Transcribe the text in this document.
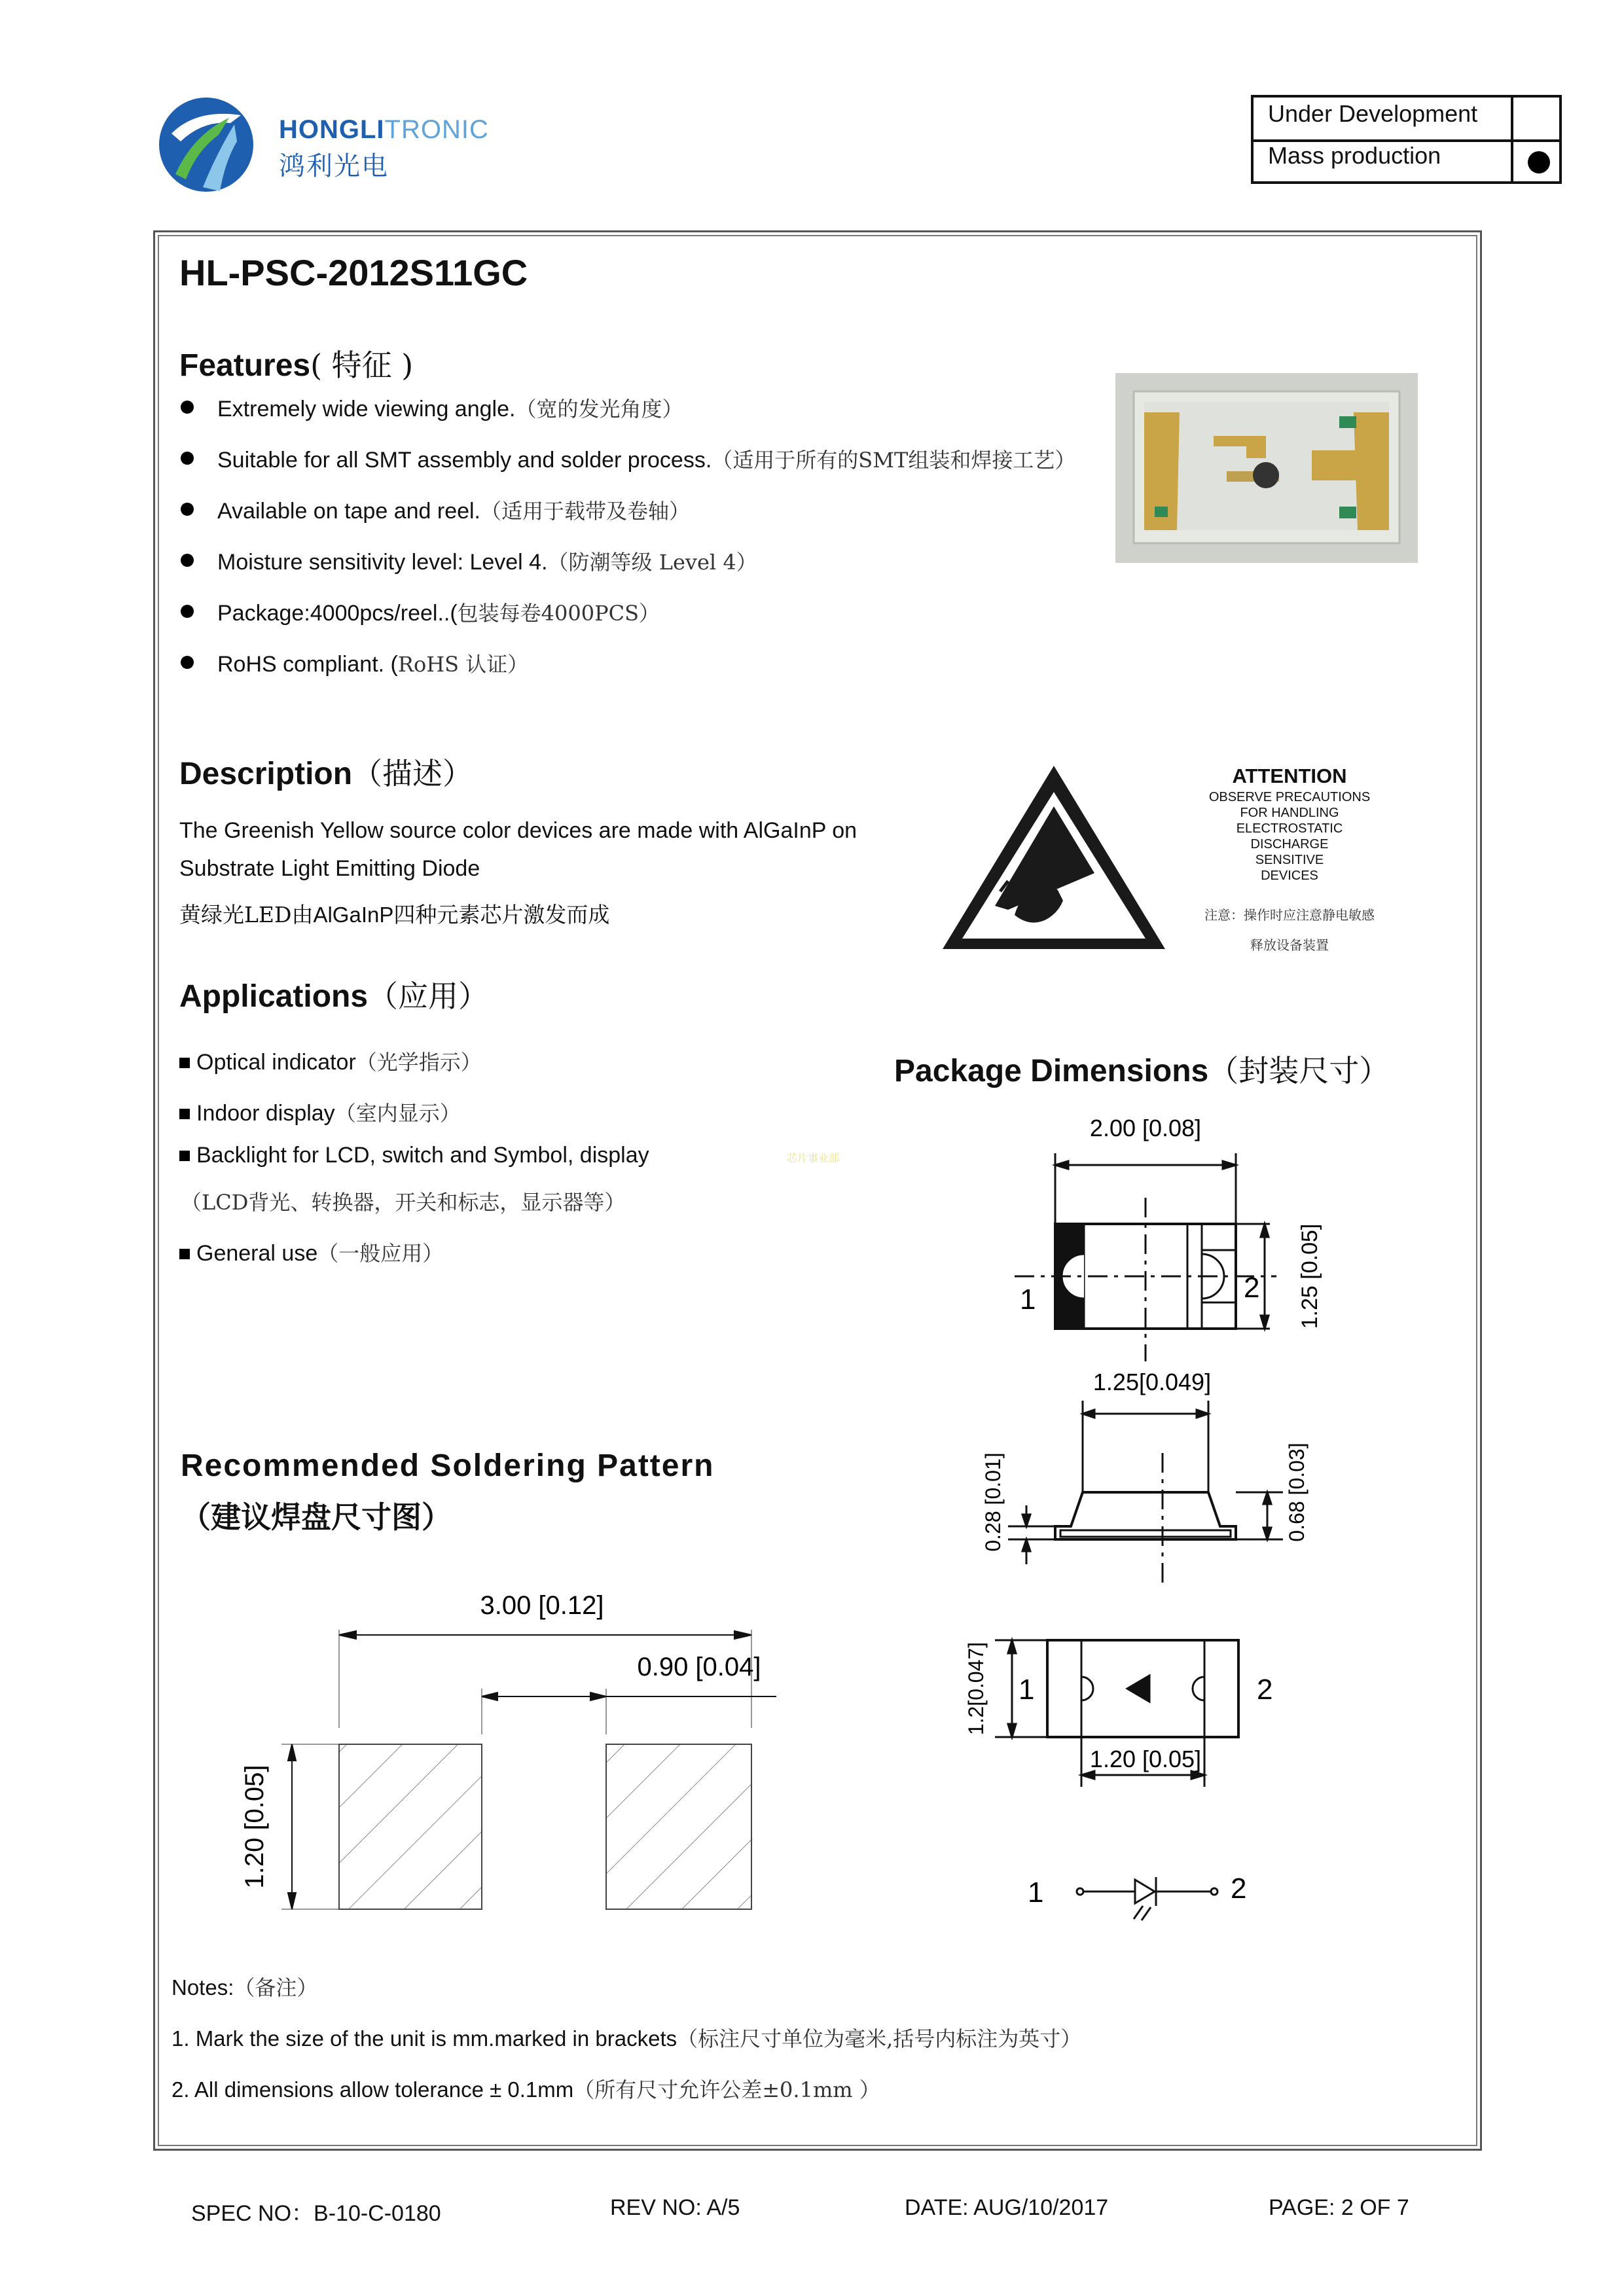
HONGLITRONIC
鸿利光电
Under Development
Mass production
HL-PSC-2012S11GC
Features( 特征 )
Extremely wide viewing angle.（宽的发光角度）
Suitable for all SMT assembly and solder process.（适用于所有的SMT组装和焊接工艺）
Available on tape and reel.（适用于载带及卷轴）
Moisture sensitivity level: Level 4.（防潮等级 Level 4）
Package:4000pcs/reel..(包装每卷4000PCS）
RoHS compliant. (RoHS 认证）
Description（描述）
The Greenish Yellow source color devices are made with AlGaInP on
Substrate Light Emitting Diode
黄绿光LED由AlGaInP四种元素芯片激发而成
ATTENTION
OBSERVE PRECAUTIONS
FOR HANDLING
ELECTROSTATIC
DISCHARGE
SENSITIVE
DEVICES
注意：操作时应注意静电敏感
释放设备装置
Applications（应用）
Optical indicator（光学指示）
Indoor display（室内显示）
Backlight for LCD, switch and Symbol, display
（LCD背光、转换器，开关和标志，显示器等）
General use（一般应用）
芯片事业部
Package Dimensions（封装尺寸）
2.00 [0.08]
1	2 1.25 [0.05]
1.25[0.049]
0.28 [0.01]	0.68 [0.03]
1.2[0.047] 1	2
1.20 [0.05]
1	2
Recommended Soldering Pattern
（建议焊盘尺寸图）
3.00 [0.12]
0.90 [0.04]
1.20 [0.05]
Notes:（备注）
1. Mark the size of the unit is mm.marked in brackets（标注尺寸单位为毫米,括号内标注为英寸）
2. All dimensions allow tolerance ± 0.1mm（所有尺寸允许公差±0.1mm ）
SPEC NO：B-10-C-0180	REV NO: A/5	DATE: AUG/10/2017	PAGE: 2 OF 7
